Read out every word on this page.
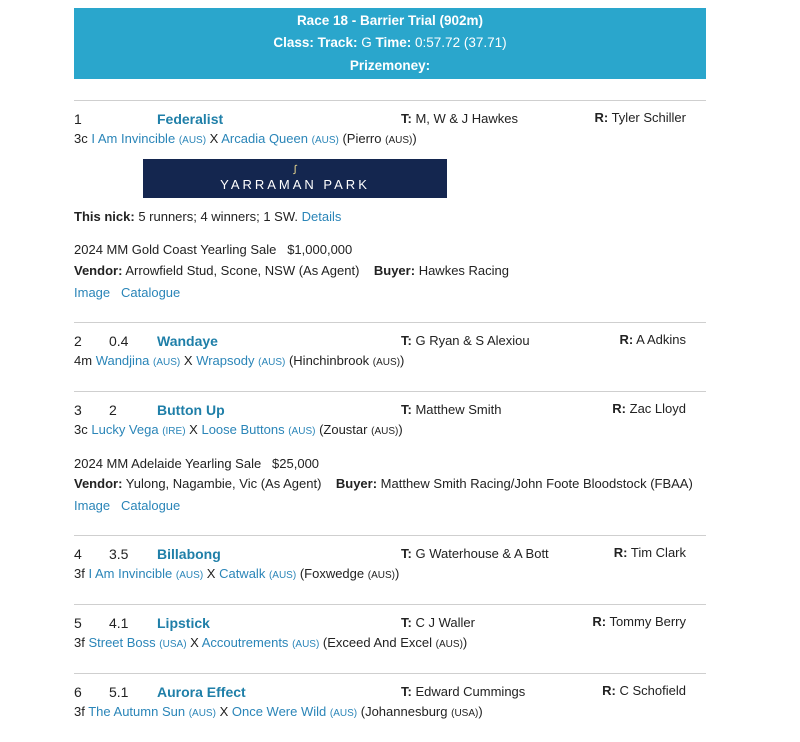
Race 18 - Barrier Trial (902m)
Class: Track: G Time: 0:57.72 (37.71)
Prizemoney:
1	Federalist	T: M, W & J Hawkes	R: Tyler Schiller
3c I Am Invincible (AUS) X Arcadia Queen (AUS) (Pierro (AUS))
ꭍ
YARRAMAN PARK
This nick: 5 runners; 4 winners; 1 SW. Details
2024 MM Gold Coast Yearling Sale $1,000,000
Vendor: Arrowfield Stud, Scone, NSW (As Agent) Buyer: Hawkes Racing
Image Catalogue
2 0.4 Wandaye	T: G Ryan & S Alexiou	R: A Adkins
4m Wandjina (AUS) X Wrapsody (AUS) (Hinchinbrook (AUS))
3 2	Button Up	T: Matthew Smith	R: Zac Lloyd
3c Lucky Vega (IRE) X Loose Buttons (AUS) (Zoustar (AUS))
2024 MM Adelaide Yearling Sale $25,000
Vendor: Yulong, Nagambie, Vic (As Agent) Buyer: Matthew Smith Racing/John Foote Bloodstock (FBAA)
Image Catalogue
4 3.5 Billabong	T: G Waterhouse & A Bott	R: Tim Clark
3f I Am Invincible (AUS) X Catwalk (AUS) (Foxwedge (AUS))
5 4.1 Lipstick	T: C J Waller	R: Tommy Berry
3f Street Boss (USA) X Accoutrements (AUS) (Exceed And Excel (AUS))
6 5.1 Aurora Effect	T: Edward Cummings	R: C Schofield
3f The Autumn Sun (AUS) X Once Were Wild (AUS) (Johannesburg (USA))
